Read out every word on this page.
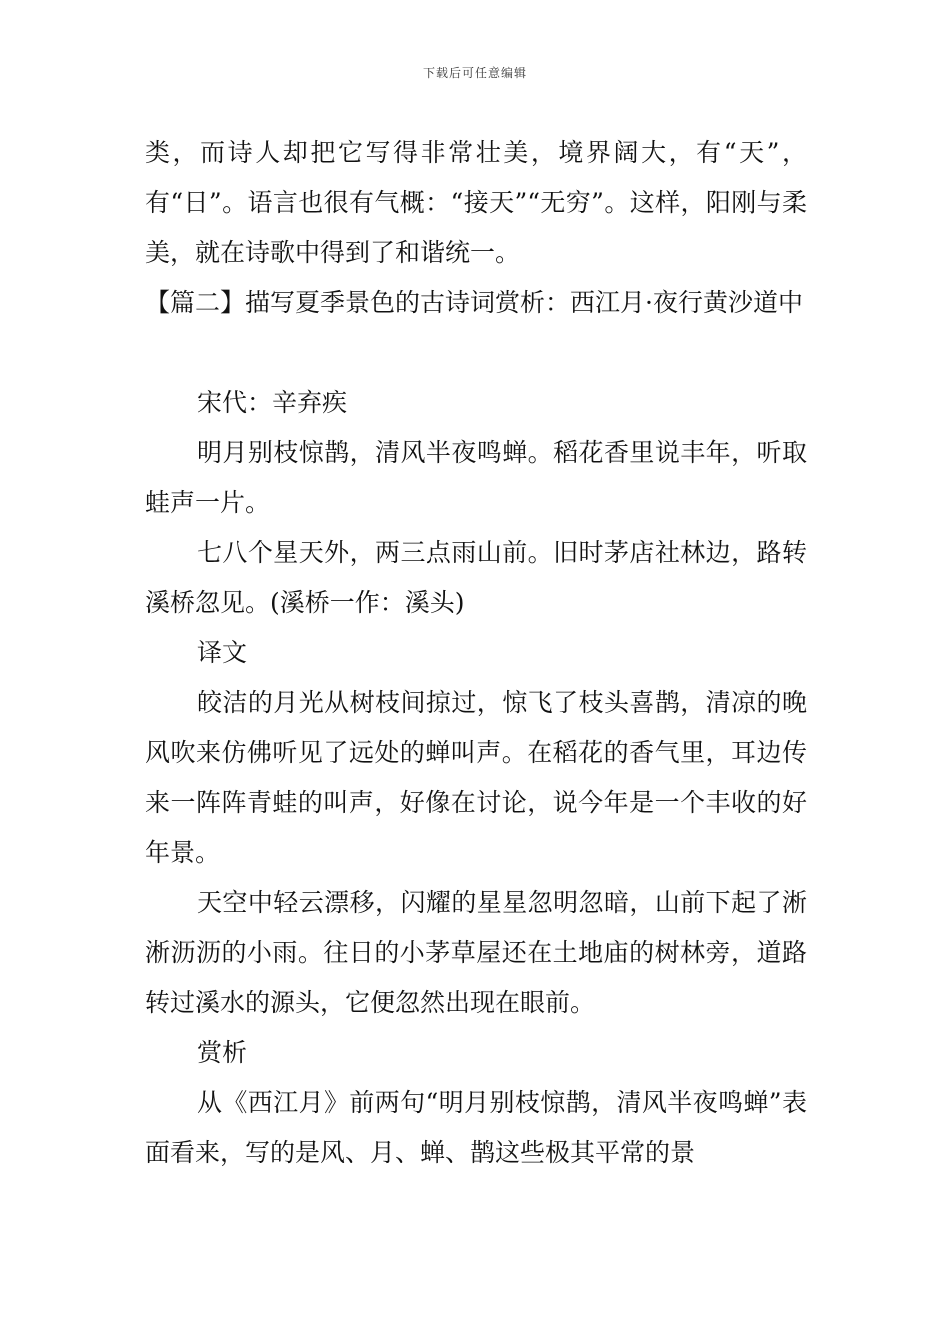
下载后可任意编辑

类，而诗人却把它写得非常壮美，境界阔大，有“天”，有“日”。语言也很有气概：“接天”“无穷”。这样，阳刚与柔美，就在诗歌中得到了和谐统一。

【篇二】描写夏季景色的古诗词赏析：西江月·夜行黄沙道中

宋代：辛弃疾

明月别枝惊鹊，清风半夜鸣蝉。稻花香里说丰年，听取蛙声一片。

七八个星天外，两三点雨山前。旧时茅店社林边，路转溪桥忽见。(溪桥一作：溪头)

译文

皎洁的月光从树枝间掠过，惊飞了枝头喜鹊，清凉的晚风吹来仿佛听见了远处的蝉叫声。在稻花的香气里，耳边传来一阵阵青蛙的叫声，好像在讨论，说今年是一个丰收的好年景。

天空中轻云漂移，闪耀的星星忽明忽暗，山前下起了淅淅沥沥的小雨。往日的小茅草屋还在土地庙的树林旁，道路转过溪水的源头，它便忽然出现在眼前。

赏析

从《西江月》前两句“明月别枝惊鹊，清风半夜鸣蝉”表面看来，写的是风、月、蝉、鹊这些极其平常的景
